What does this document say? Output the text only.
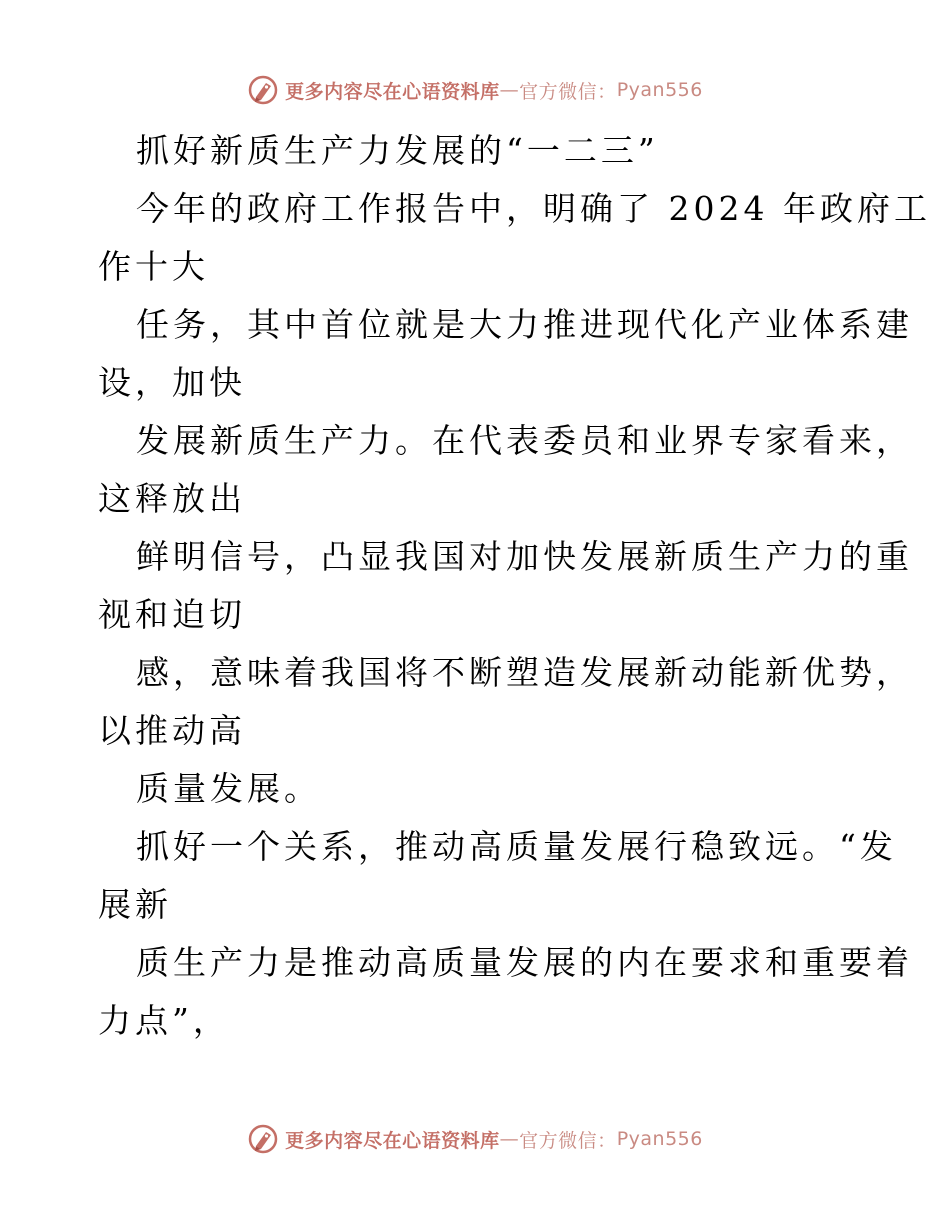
更多内容尽在心语资料库 — 官方微信： Pyan556
抓好新质生产力发展的“一二三”
今年的政府工作报告中，明确了 2024 年政府工
作十大
任务，其中首位就是大力推进现代化产业体系建
设，加快
发展新质生产力。在代表委员和业界专家看来，
这释放出
鲜明信号，凸显我国对加快发展新质生产力的重
视和迫切
感，意味着我国将不断塑造发展新动能新优势，
以推动高
质量发展。
抓好一个关系，推动高质量发展行稳致远。“发
展新
质生产力是推动高质量发展的内在要求和重要着
力点”，
更多内容尽在心语资料库 — 官方微信： Pyan556
